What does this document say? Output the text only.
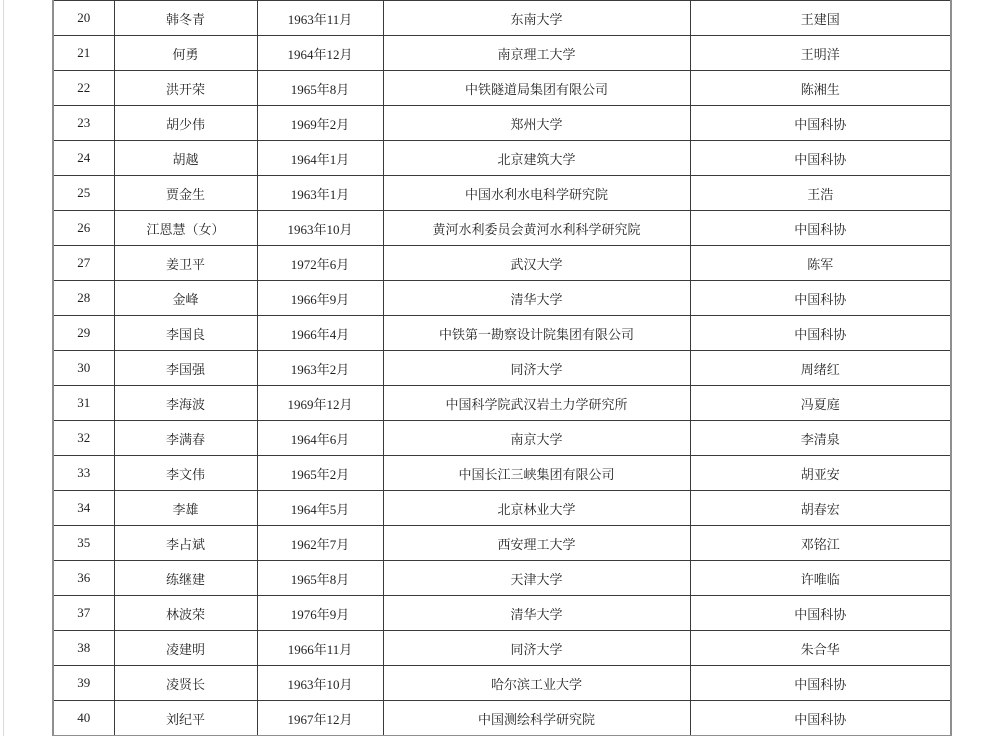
20	韩冬青	1963年11月	东南大学	王建国
21	何勇	1964年12月	南京理工大学	王明洋
22	洪开荣	1965年8月	中铁隧道局集团有限公司	陈湘生
23	胡少伟	1969年2月	郑州大学	中国科协
24	胡越	1964年1月	北京建筑大学	中国科协
25	贾金生	1963年1月	中国水利水电科学研究院	王浩
26	江恩慧（女）	1963年10月	黄河水利委员会黄河水利科学研究院	中国科协
27	姜卫平	1972年6月	武汉大学	陈军
28	金峰	1966年9月	清华大学	中国科协
29	李国良	1966年4月	中铁第一勘察设计院集团有限公司	中国科协
30	李国强	1963年2月	同济大学	周绪红
31	李海波	1969年12月	中国科学院武汉岩土力学研究所	冯夏庭
32	李满春	1964年6月	南京大学	李清泉
33	李文伟	1965年2月	中国长江三峡集团有限公司	胡亚安
34	李雄	1964年5月	北京林业大学	胡春宏
35	李占斌	1962年7月	西安理工大学	邓铭江
36	练继建	1965年8月	天津大学	许唯临
37	林波荣	1976年9月	清华大学	中国科协
38	凌建明	1966年11月	同济大学	朱合华
39	凌贤长	1963年10月	哈尔滨工业大学	中国科协
40	刘纪平	1967年12月	中国测绘科学研究院	中国科协
